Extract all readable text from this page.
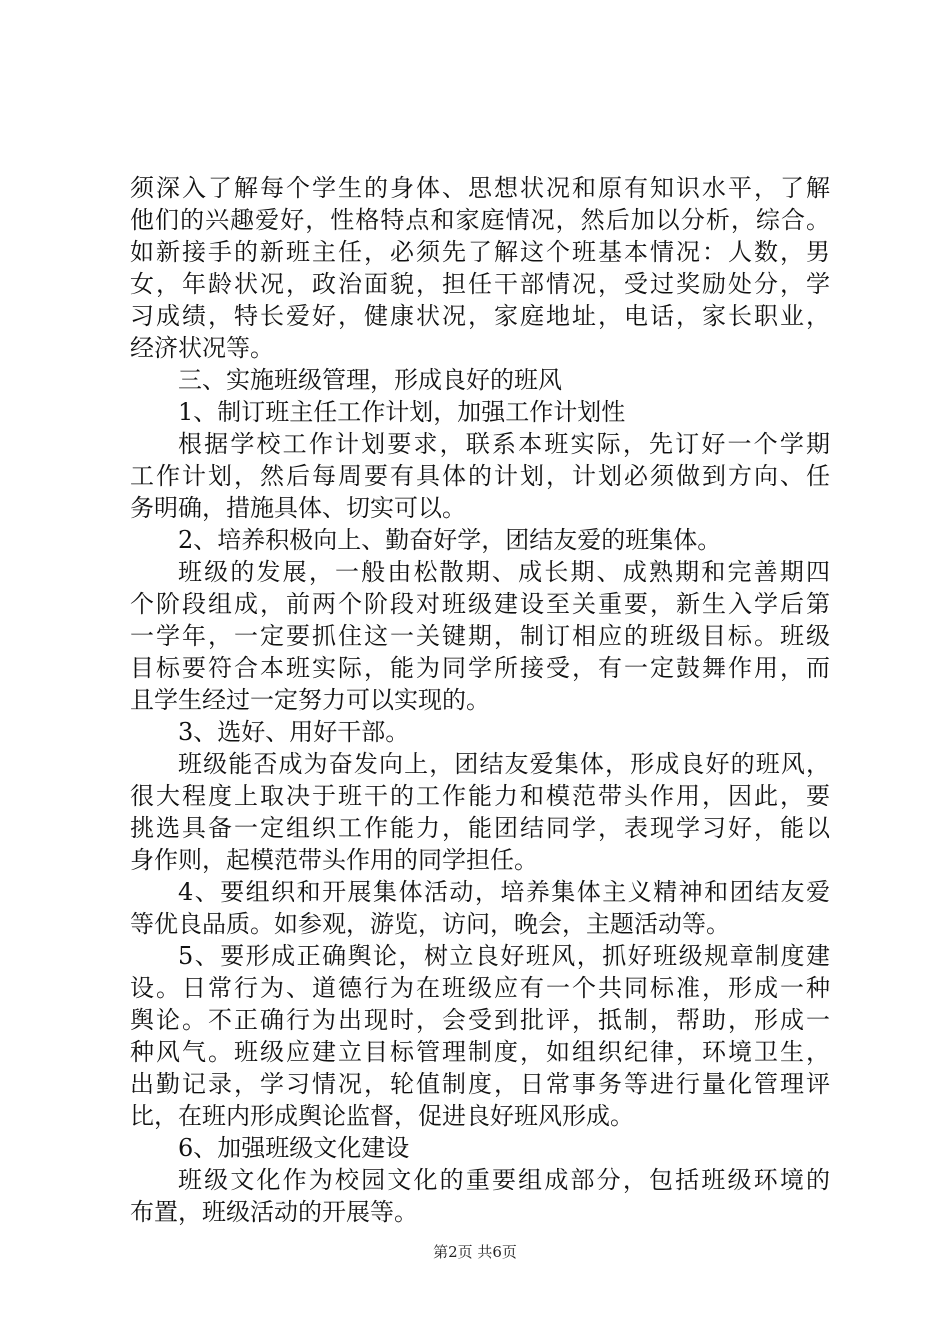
须深入了解每个学生的身体、思想状况和原有知识水平，了解
他们的兴趣爱好，性格特点和家庭情况，然后加以分析，综合。
如新接手的新班主任，必须先了解这个班基本情况：人数，男
女，年龄状况，政治面貌，担任干部情况，受过奖励处分，学
习成绩，特长爱好，健康状况，家庭地址，电话，家长职业，
经济状况等。
三、实施班级管理，形成良好的班风
1、制订班主任工作计划，加强工作计划性
根据学校工作计划要求，联系本班实际，先订好一个学期
工作计划，然后每周要有具体的计划，计划必须做到方向、任
务明确，措施具体、切实可以。
2、培养积极向上、勤奋好学，团结友爱的班集体。
班级的发展，一般由松散期、成长期、成熟期和完善期四
个阶段组成，前两个阶段对班级建设至关重要，新生入学后第
一学年，一定要抓住这一关键期，制订相应的班级目标。班级
目标要符合本班实际，能为同学所接受，有一定鼓舞作用，而
且学生经过一定努力可以实现的。
3、选好、用好干部。
班级能否成为奋发向上，团结友爱集体，形成良好的班风，
很大程度上取决于班干的工作能力和模范带头作用，因此，要
挑选具备一定组织工作能力，能团结同学，表现学习好，能以
身作则，起模范带头作用的同学担任。
4、要组织和开展集体活动，培养集体主义精神和团结友爱
等优良品质。如参观，游览，访问，晚会，主题活动等。
5、要形成正确舆论，树立良好班风，抓好班级规章制度建
设。日常行为、道德行为在班级应有一个共同标准，形成一种
舆论。不正确行为出现时，会受到批评，抵制，帮助，形成一
种风气。班级应建立目标管理制度，如组织纪律，环境卫生，
出勤记录，学习情况，轮值制度，日常事务等进行量化管理评
比，在班内形成舆论监督，促进良好班风形成。
6、加强班级文化建设
班级文化作为校园文化的重要组成部分，包括班级环境的
布置，班级活动的开展等。
第2页 共6页
